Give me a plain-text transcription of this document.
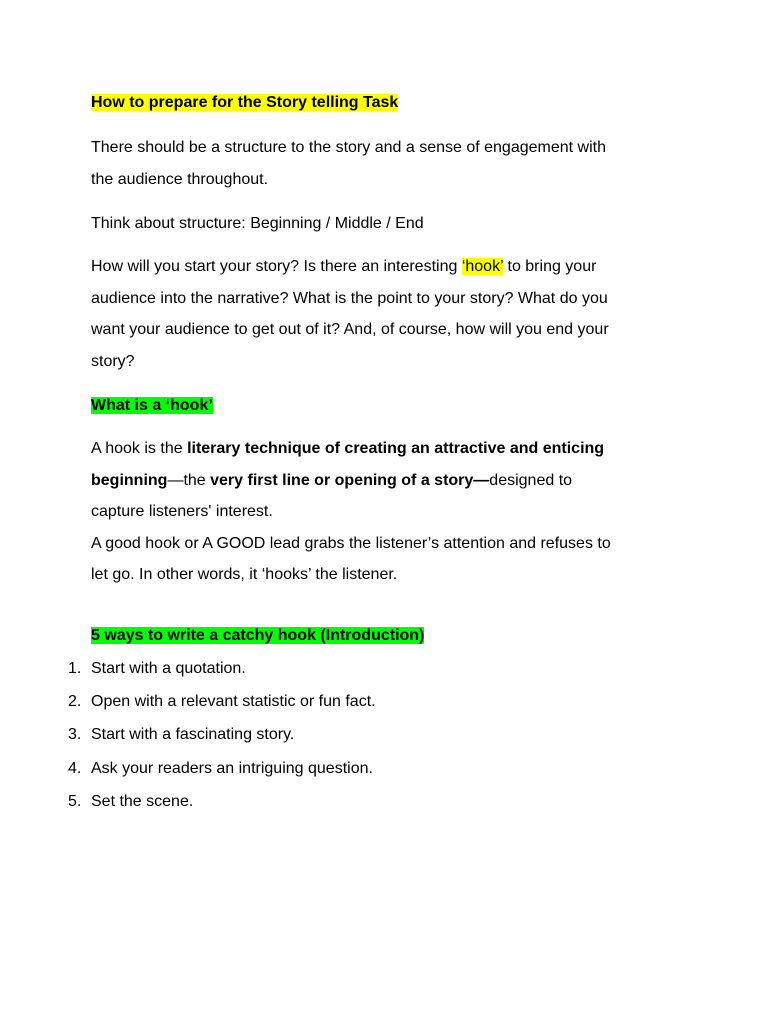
How to prepare for the Story telling Task
There should be a structure to the story and a sense of engagement with
the audience throughout.
Think about structure: Beginning / Middle / End
How will you start your story? Is there an interesting ‘hook’ to bring your
audience into the narrative? What is the point to your story? What do you
want your audience to get out of it? And, of course, how will you end your
story?
What is a ‘hook’
A hook is the literary technique of creating an attractive and enticing
beginning—the very first line or opening of a story—designed to
capture listeners' interest.
A good hook or A GOOD lead grabs the listener’s attention and refuses to
let go. In other words, it ‘hooks’ the listener.
5 ways to write a catchy hook (Introduction)
1. Start with a quotation.
2. Open with a relevant statistic or fun fact.
3. Start with a fascinating story.
4. Ask your readers an intriguing question.
5. Set the scene.
